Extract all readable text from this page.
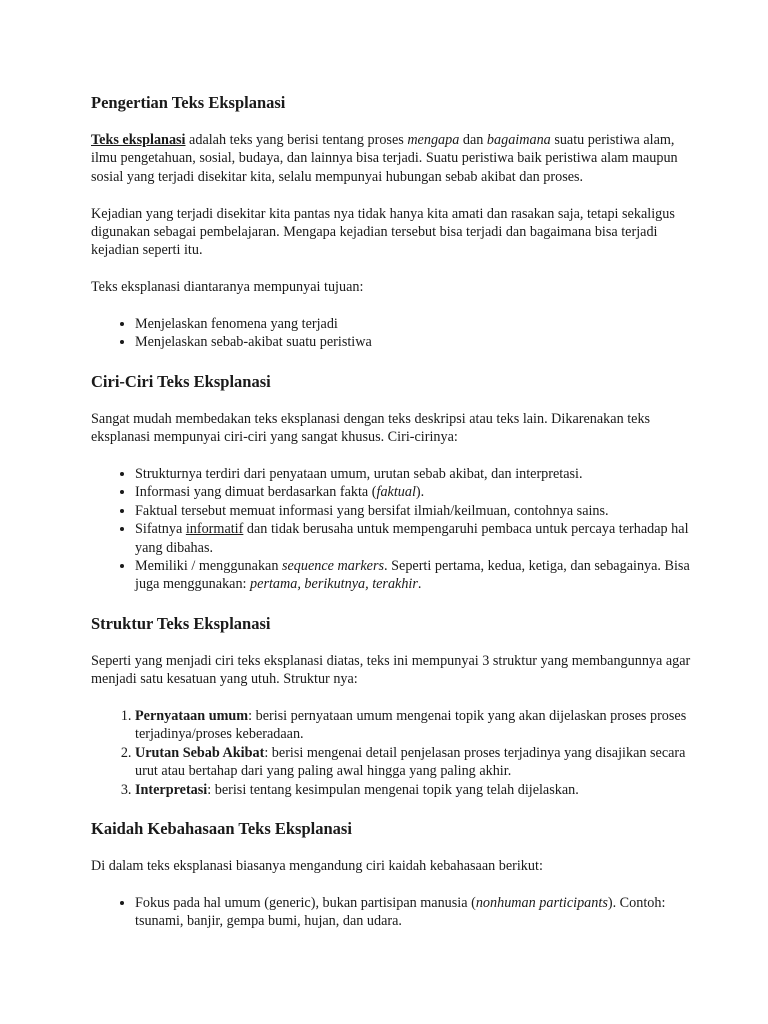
Pengertian Teks Eksplanasi

Teks eksplanasi adalah teks yang berisi tentang proses mengapa dan bagaimana suatu peristiwa alam, ilmu pengetahuan, sosial, budaya, dan lainnya bisa terjadi. Suatu peristiwa baik peristiwa alam maupun sosial yang terjadi disekitar kita, selalu mempunyai hubungan sebab akibat dan proses.

Kejadian yang terjadi disekitar kita pantas nya tidak hanya kita amati dan rasakan saja, tetapi sekaligus digunakan sebagai pembelajaran. Mengapa kejadian tersebut bisa terjadi dan bagaimana bisa terjadi kejadian seperti itu.

Teks eksplanasi diantaranya mempunyai tujuan:

• Menjelaskan fenomena yang terjadi
• Menjelaskan sebab-akibat suatu peristiwa
Ciri-Ciri Teks Eksplanasi

Sangat mudah membedakan teks eksplanasi dengan teks deskripsi atau teks lain. Dikarenakan teks eksplanasi mempunyai ciri-ciri yang sangat khusus. Ciri-cirinya:

• Strukturnya terdiri dari penyataan umum, urutan sebab akibat, dan interpretasi.
• Informasi yang dimuat berdasarkan fakta (faktual).
• Faktual tersebut memuat informasi yang bersifat ilmiah/keilmuan, contohnya sains.
• Sifatnya informatif dan tidak berusaha untuk mempengaruhi pembaca untuk percaya terhadap hal yang dibahas.
• Memiliki / menggunakan sequence markers. Seperti pertama, kedua, ketiga, dan sebagainya. Bisa juga menggunakan: pertama, berikutnya, terakhir.
Struktur Teks Eksplanasi

Seperti yang menjadi ciri teks eksplanasi diatas, teks ini mempunyai 3 struktur yang membangunnya agar menjadi satu kesatuan yang utuh. Struktur nya:

1. Pernyataan umum: berisi pernyataan umum mengenai topik yang akan dijelaskan proses proses terjadinya/proses keberadaan.
2. Urutan Sebab Akibat: berisi mengenai detail penjelasan proses terjadinya yang disajikan secara urut atau bertahap dari yang paling awal hingga yang paling akhir.
3. Interpretasi: berisi tentang kesimpulan mengenai topik yang telah dijelaskan.
Kaidah Kebahasaan Teks Eksplanasi

Di dalam teks eksplanasi biasanya mengandung ciri kaidah kebahasaan berikut:

• Fokus pada hal umum (generic), bukan partisipan manusia (nonhuman participants). Contoh: tsunami, banjir, gempa bumi, hujan, dan udara.
